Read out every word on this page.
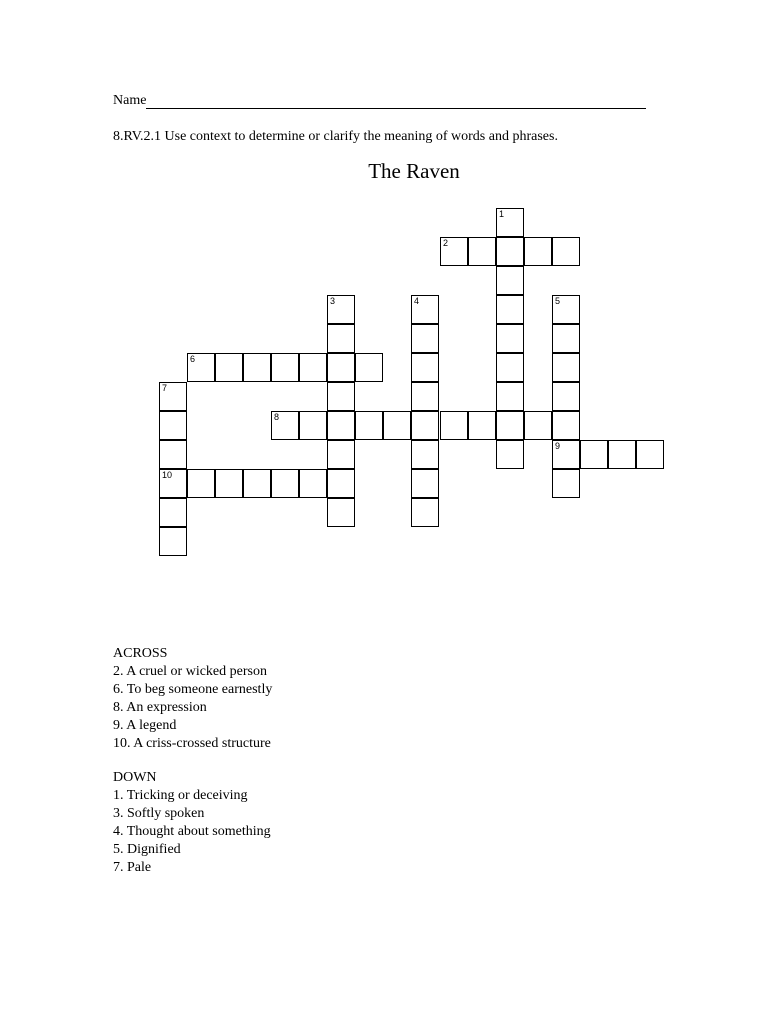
Name
8.RV.2.1 Use context to determine or clarify the meaning of words and phrases.
The Raven
1
2
3	4	5
9
6
7
10
8
ACROSS
2. A cruel or wicked person
6. To beg someone earnestly
8. An expression
9. A legend
10. A criss-crossed structure
DOWN
1. Tricking or deceiving
3. Softly spoken
4. Thought about something
5. Dignified
7. Pale
